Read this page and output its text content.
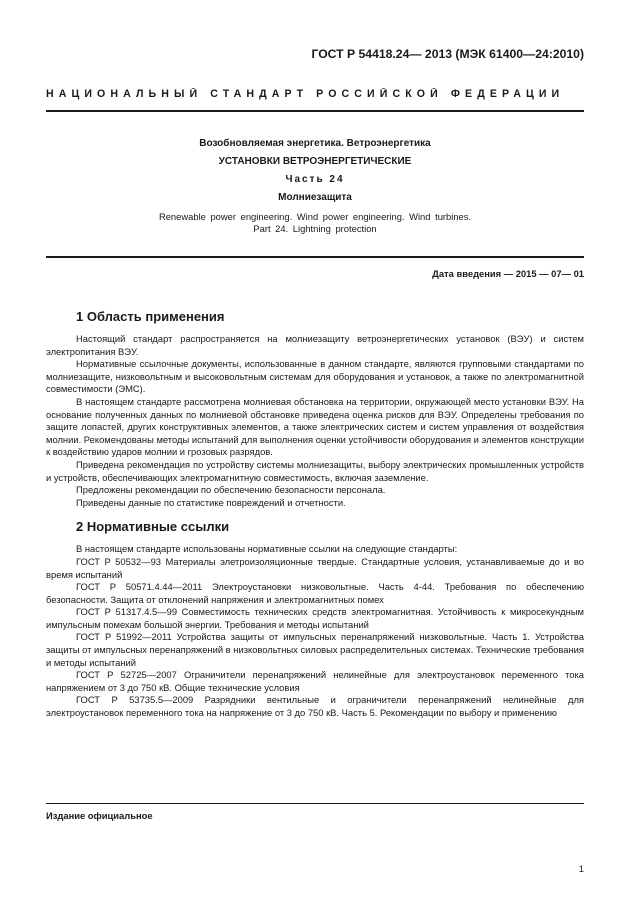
ГОСТ Р 54418.24— 2013 (МЭК 61400—24:2010)
НАЦИОНАЛЬНЫЙ СТАНДАРТ РОССИЙСКОЙ ФЕДЕРАЦИИ
Возобновляемая энергетика. Ветроэнергетика
УСТАНОВКИ ВЕТРОЭНЕРГЕТИЧЕСКИЕ
Часть 24
Молниезащита
Renewable power engineering. Wind power engineering. Wind turbines.
Part 24. Lightning protection
Дата введения — 2015 — 07— 01
1 Область применения
Настоящий стандарт распространяется на молниезащиту ветроэнергетических установок (ВЭУ) и систем электропитания ВЭУ.
Нормативные ссылочные документы, использованные в данном стандарте, являются групповыми стандартами по молниезащите, низковольтным и высоковольтным системам для оборудования и установок, а также по электромагнитной совместимости (ЭМС).
В настоящем стандарте рассмотрена молниевая обстановка на территории, окружающей место установки ВЭУ. На основание полученных данных по молниевой обстановке приведена оценка рисков для ВЭУ. Определены требования по защите лопастей, других конструктивных элементов, а также электрических систем и систем управления от воздействия молнии. Рекомендованы методы испытаний для выполнения оценки устойчивости оборудования и элементов конструкции к воздействию ударов молнии и грозовых разрядов.
Приведена рекомендация по устройству системы молниезащиты, выбору электрических промышленных устройств и устройств, обеспечивающих электромагнитную совместимость, включая заземление.
Предложены рекомендации по обеспечению безопасности персонала.
Приведены данные по статистике повреждений и отчетности.
2 Нормативные ссылки
В настоящем стандарте использованы нормативные ссылки на следующие стандарты:
ГОСТ Р 50532—93 Материалы элетроизоляционные твердые. Стандартные условия, устанавливаемые до и во время испытаний
ГОСТ Р 50571.4.44—2011 Электроустановки низковольтные. Часть 4-44. Требования по обеспечению безопасности. Защита от отклонений напряжения и электромагнитных помех
ГОСТ Р 51317.4.5—99 Совместимость технических средств электромагнитная. Устойчивость к микросекундным импульсным помехам большой энергии. Требования и методы испытаний
ГОСТ Р 51992—2011 Устройства защиты от импульсных перенапряжений низковольтные. Часть 1. Устройства защиты от импульсных перенапряжений в низковольтных силовых распределительных системах. Технические требования и методы испытаний
ГОСТ Р 52725—2007 Ограничители перенапряжений нелинейные для электроустановок переменного тока напряжением от 3 до 750 кВ. Общие технические условия
ГОСТ Р 53735.5—2009 Разрядники вентильные и ограничители перенапряжений нелинейные для электроустановок переменного тока на напряжение от 3 до 750 кВ. Часть 5. Рекомендации по выбору и применению
Издание официальное
1
